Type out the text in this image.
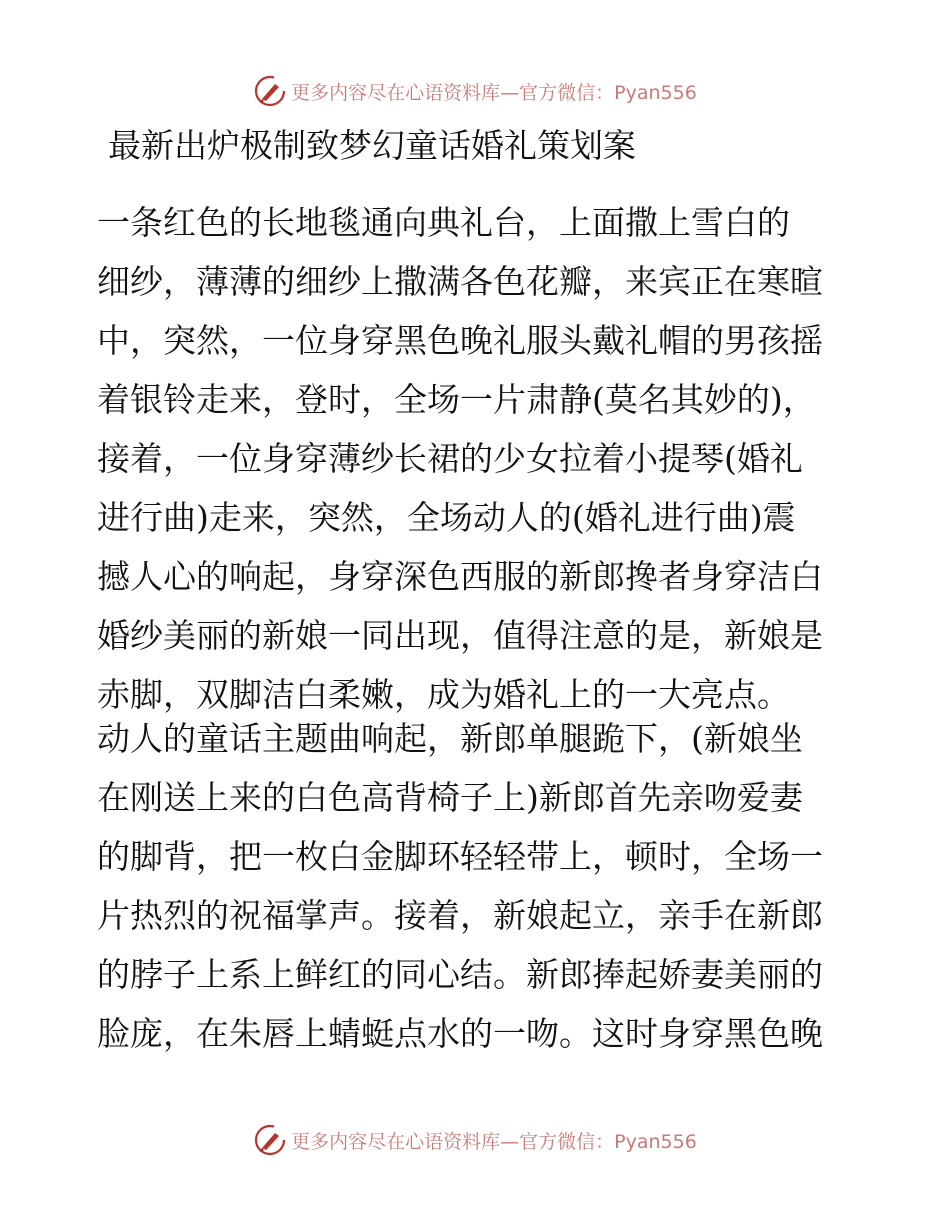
更多内容尽在心语资料库—官方微信：Pyan556
最新出炉极制致梦幻童话婚礼策划案
一条红色的长地毯通向典礼台，上面撒上雪白的
细纱，薄薄的细纱上撒满各色花瓣，来宾正在寒暄
中，突然，一位身穿黑色晚礼服头戴礼帽的男孩摇
着银铃走来，登时，全场一片肃静(莫名其妙的)，
接着，一位身穿薄纱长裙的少女拉着小提琴(婚礼
进行曲)走来，突然，全场动人的(婚礼进行曲)震
撼人心的响起，身穿深色西服的新郎搀者身穿洁白
婚纱美丽的新娘一同出现，值得注意的是，新娘是
赤脚，双脚洁白柔嫩，成为婚礼上的一大亮点。
动人的童话主题曲响起，新郎单腿跪下，(新娘坐
在刚送上来的白色高背椅子上)新郎首先亲吻爱妻
的脚背，把一枚白金脚环轻轻带上，顿时，全场一
片热烈的祝福掌声。接着，新娘起立，亲手在新郎
的脖子上系上鲜红的同心结。新郎捧起娇妻美丽的
脸庞，在朱唇上蜻蜓点水的一吻。这时身穿黑色晚
更多内容尽在心语资料库—官方微信：Pyan556
